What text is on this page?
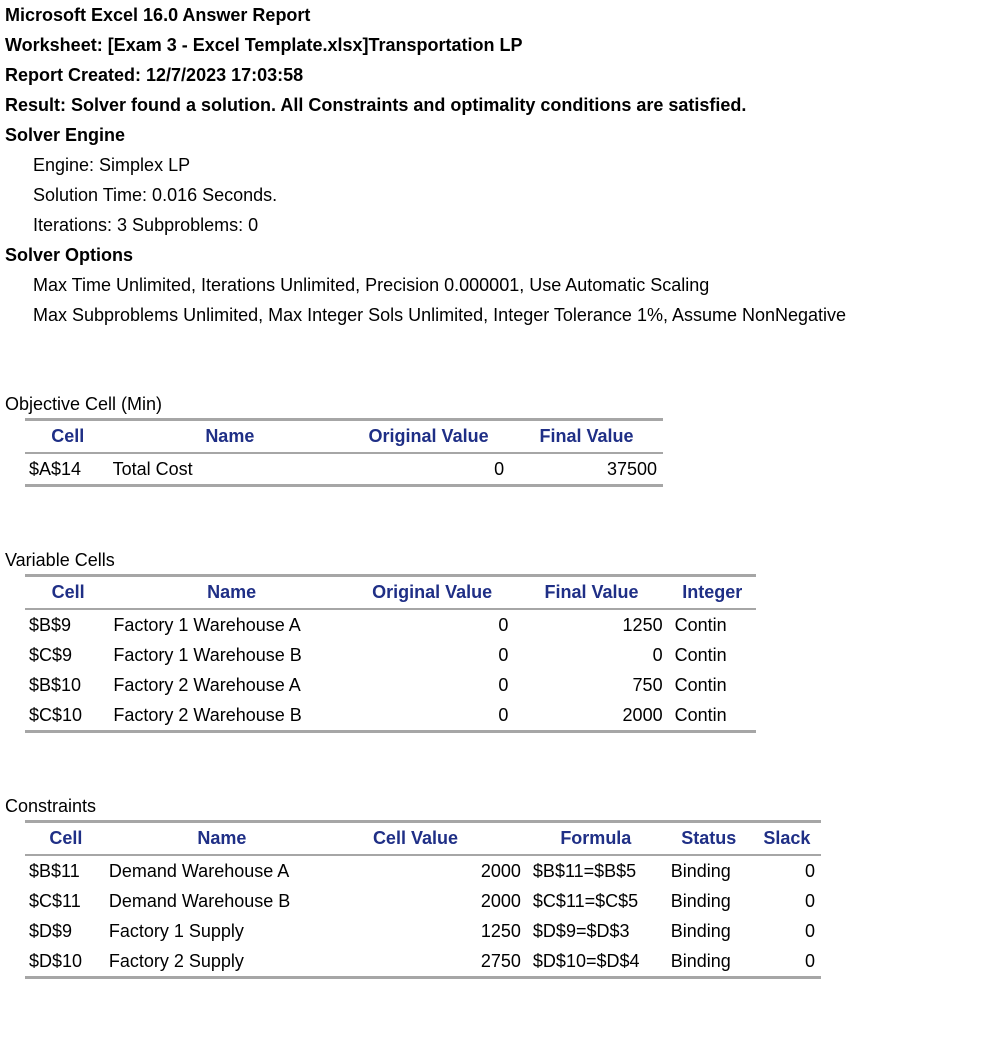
Microsoft Excel 16.0 Answer Report
Worksheet: [Exam 3 - Excel Template.xlsx]Transportation LP
Report Created: 12/7/2023 17:03:58
Result: Solver found a solution. All Constraints and optimality conditions are satisfied.
Solver Engine
Engine: Simplex LP
Solution Time: 0.016 Seconds.
Iterations: 3 Subproblems: 0
Solver Options
Max Time Unlimited, Iterations Unlimited, Precision 0.000001, Use Automatic Scaling
Max Subproblems Unlimited, Max Integer Sols Unlimited, Integer Tolerance 1%, Assume NonNegative
Objective Cell (Min)
Cell	Name	Original Value	Final Value
$A$14	Total Cost	0	37500
Variable Cells
Cell	Name	Original Value	Final Value	Integer
$B$9	Factory 1 Warehouse A	0	1250	Contin
$C$9	Factory 1 Warehouse B	0	0	Contin
$B$10	Factory 2 Warehouse A	0	750	Contin
$C$10	Factory 2 Warehouse B	0	2000	Contin
Constraints
Cell	Name	Cell Value	Formula	Status	Slack
$B$11	Demand Warehouse A	2000	$B$11=$B$5	Binding	0
$C$11	Demand Warehouse B	2000	$C$11=$C$5	Binding	0
$D$9	Factory 1 Supply	1250	$D$9=$D$3	Binding	0
$D$10	Factory 2 Supply	2750	$D$10=$D$4	Binding	0
